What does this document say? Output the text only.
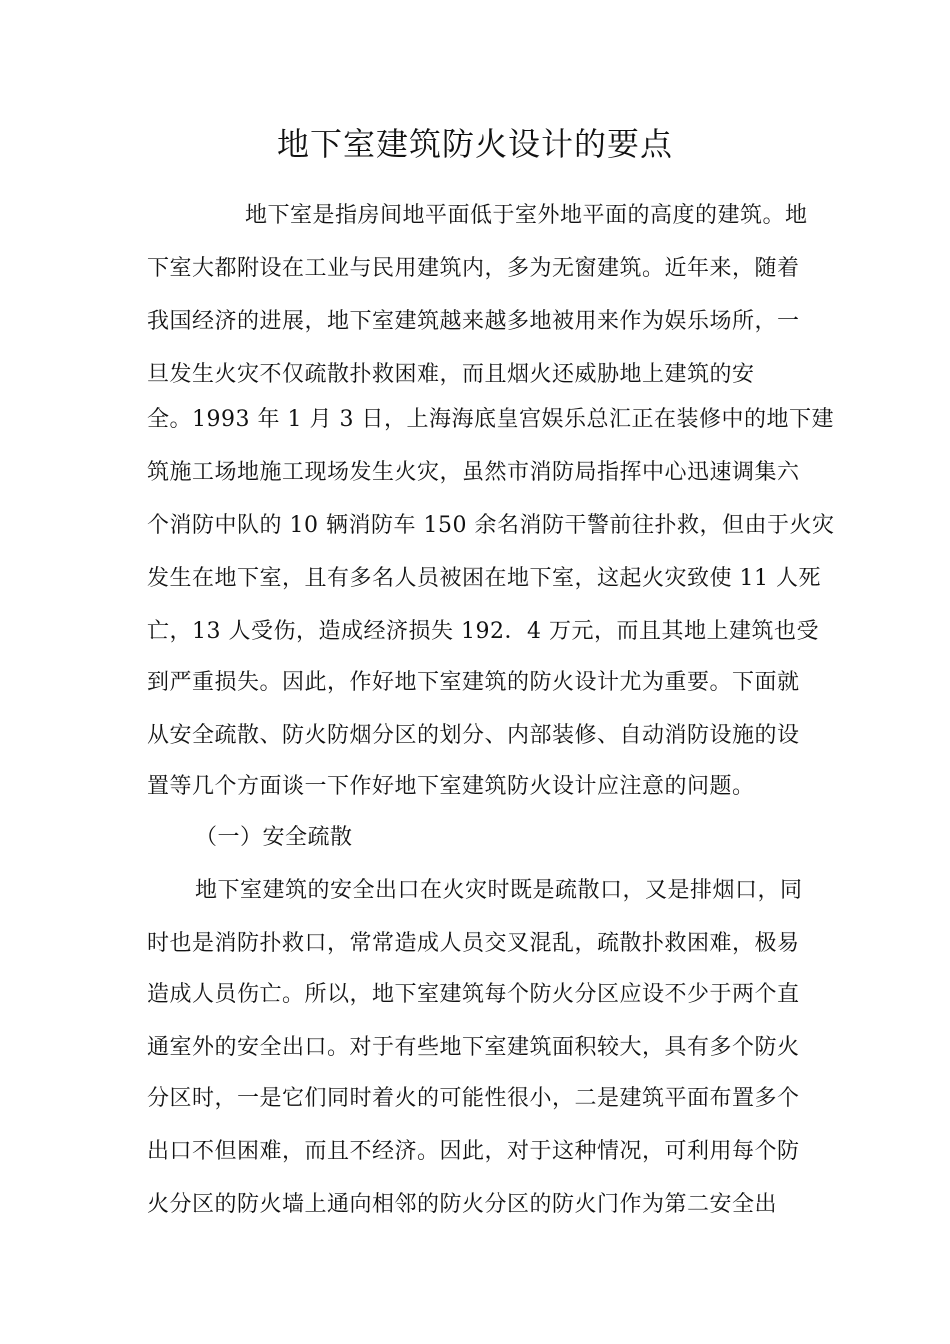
地下室建筑防火设计的要点
地下室是指房间地平面低于室外地平面的高度的建筑。地
下室大都附设在工业与民用建筑内，多为无窗建筑。近年来，随着
我国经济的进展，地下室建筑越来越多地被用来作为娱乐场所，一
旦发生火灾不仅疏散扑救困难，而且烟火还威胁地上建筑的安
全。1993 年 1 月 3 日，上海海底皇宫娱乐总汇正在装修中的地下建
筑施工场地施工现场发生火灾，虽然市消防局指挥中心迅速调集六
个消防中队的 10 辆消防车 150 余名消防干警前往扑救，但由于火灾
发生在地下室，且有多名人员被困在地下室，这起火灾致使 11 人死
亡，13 人受伤，造成经济损失 192．4 万元，而且其地上建筑也受
到严重损失。因此，作好地下室建筑的防火设计尤为重要。下面就
从安全疏散、防火防烟分区的划分、内部装修、自动消防设施的设
置等几个方面谈一下作好地下室建筑防火设计应注意的问题。
（一）安全疏散
地下室建筑的安全出口在火灾时既是疏散口，又是排烟口，同
时也是消防扑救口，常常造成人员交叉混乱，疏散扑救困难，极易
造成人员伤亡。所以，地下室建筑每个防火分区应设不少于两个直
通室外的安全出口。对于有些地下室建筑面积较大，具有多个防火
分区时，一是它们同时着火的可能性很小，二是建筑平面布置多个
出口不但困难，而且不经济。因此，对于这种情况，可利用每个防
火分区的防火墙上通向相邻的防火分区的防火门作为第二安全出
